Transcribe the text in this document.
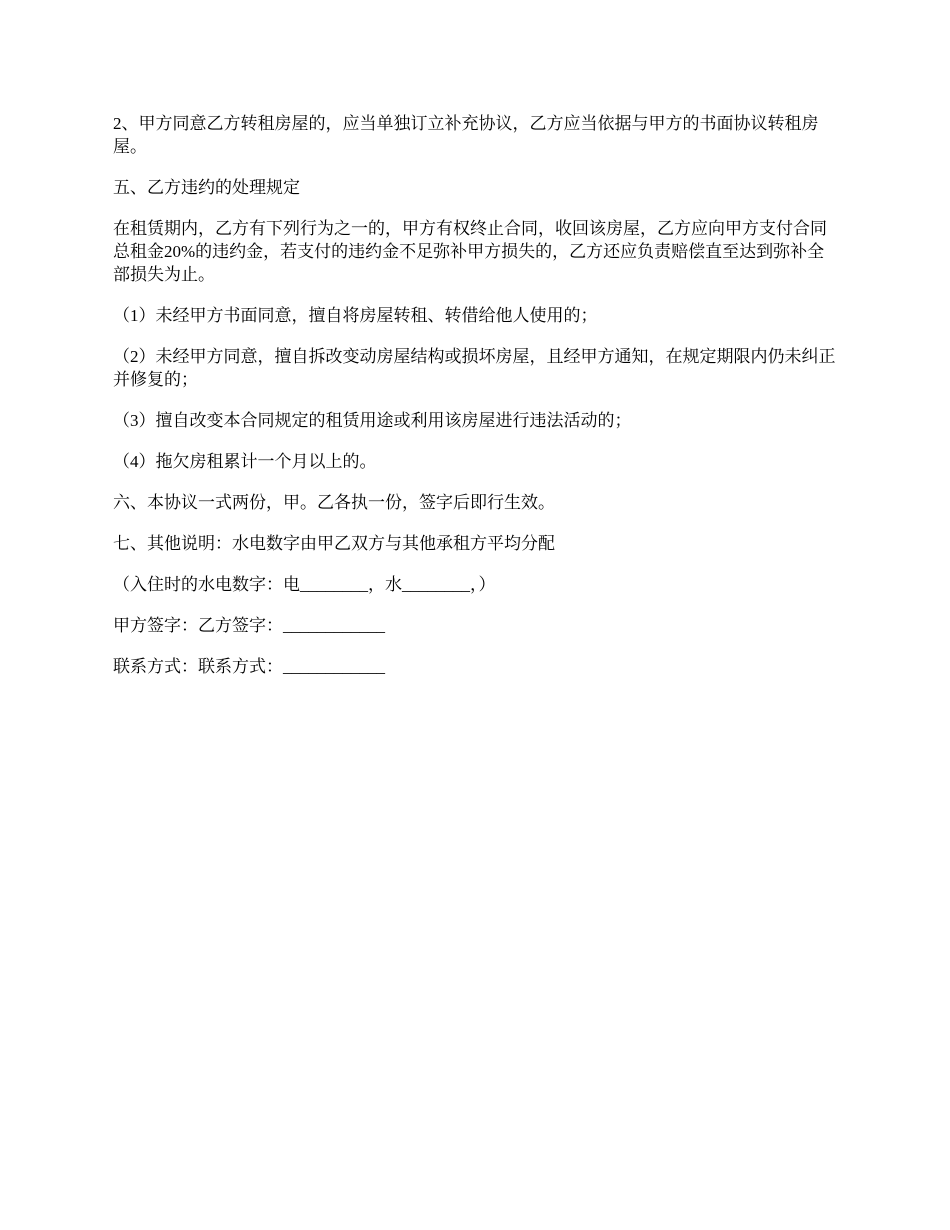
2、甲方同意乙方转租房屋的，应当单独订立补充协议，乙方应当依据与甲方的书面协议转租房屋。

五、乙方违约的处理规定

在租赁期内，乙方有下列行为之一的，甲方有权终止合同，收回该房屋，乙方应向甲方支付合同总租金20%的违约金，若支付的违约金不足弥补甲方损失的，乙方还应负责赔偿直至达到弥补全部损失为止。

（1）未经甲方书面同意，擅自将房屋转租、转借给他人使用的；

（2）未经甲方同意，擅自拆改变动房屋结构或损坏房屋，且经甲方通知，在规定期限内仍未纠正并修复的；

（3）擅自改变本合同规定的租赁用途或利用该房屋进行违法活动的；

（4）拖欠房租累计一个月以上的。

六、本协议一式两份，甲。乙各执一份，签字后即行生效。

七、其他说明：水电数字由甲乙双方与其他承租方平均分配

（入住时的水电数字：电________，水________，）

甲方签字：乙方签字：____________

联系方式：联系方式：____________
